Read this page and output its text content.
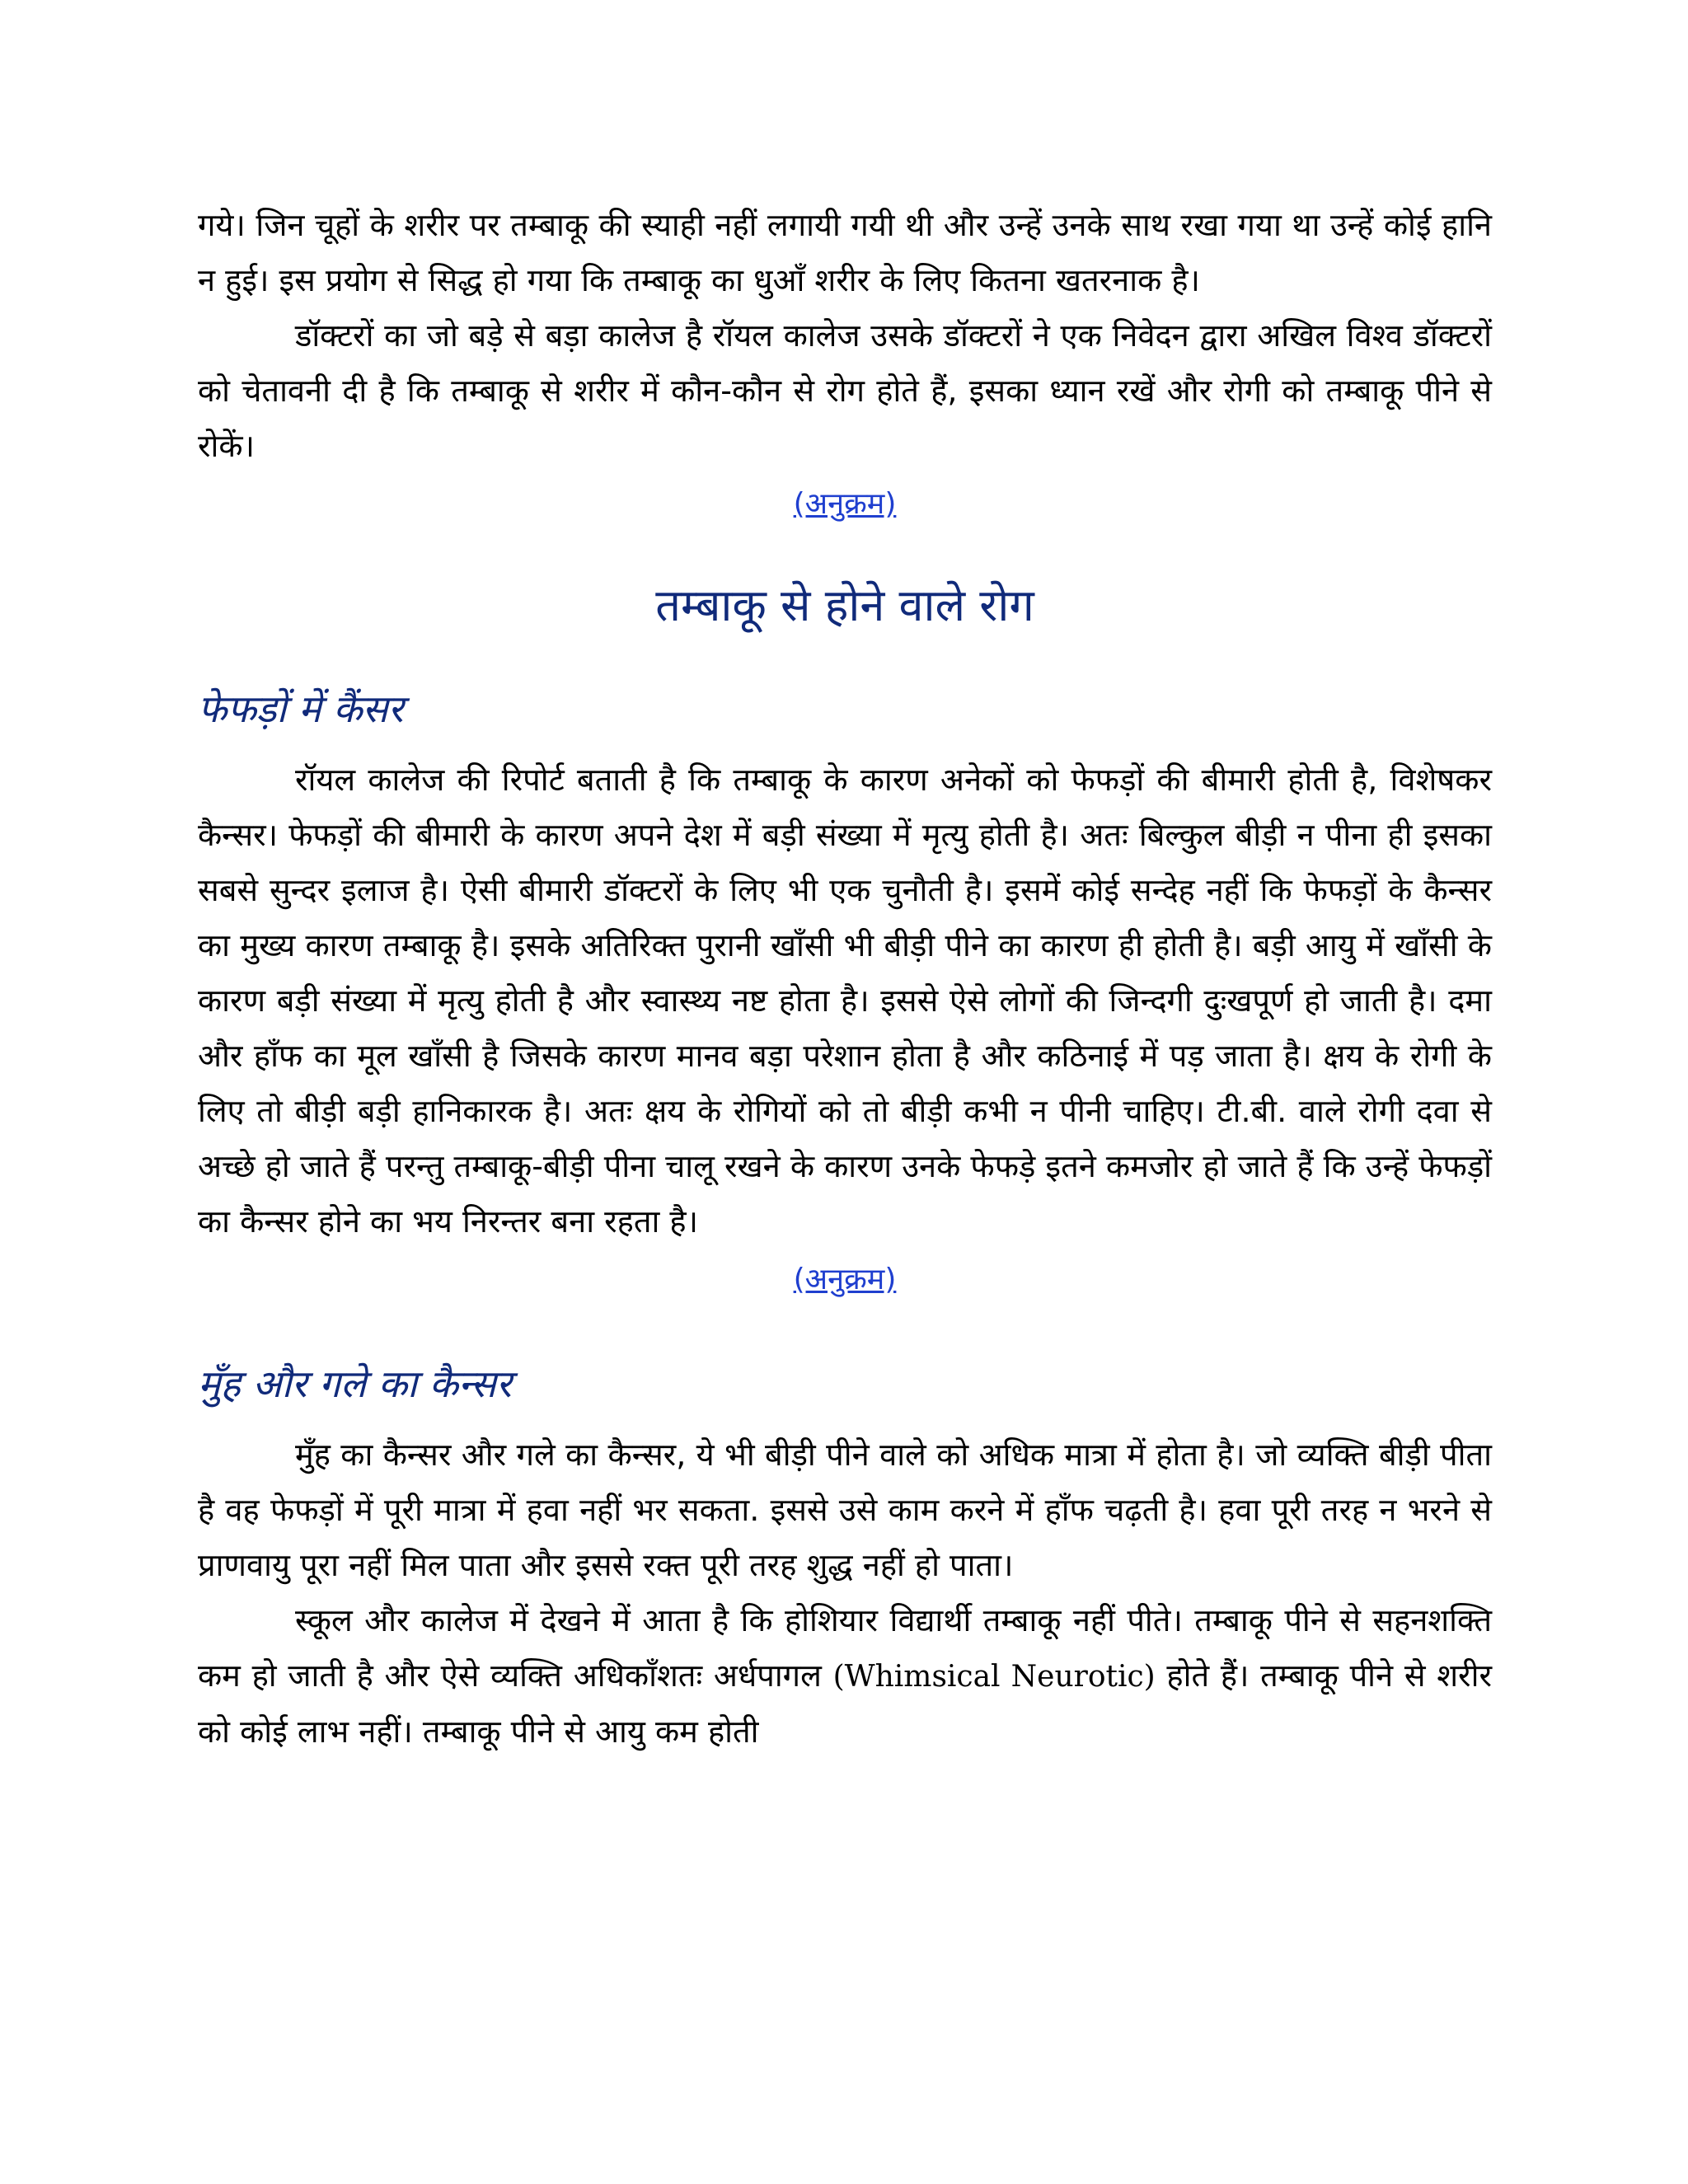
गये। जिन चूहों के शरीर पर तम्बाकू की स्याही नहीं लगायी गयी थी और उन्हें उनके साथ रखा गया था उन्हें कोई हानि न हुई। इस प्रयोग से सिद्ध हो गया कि तम्बाकू का धुआँ शरीर के लिए कितना खतरनाक है।

डॉक्टरों का जो बड़े से बड़ा कालेज है रॉयल कालेज उसके डॉक्टरों ने एक निवेदन द्वारा अखिल विश्व डॉक्टरों को चेतावनी दी है कि तम्बाकू से शरीर में कौन-कौन से रोग होते हैं, इसका ध्यान रखें और रोगी को तम्बाकू पीने से रोकें।

(अनुक्रम)
तम्बाकू से होने वाले रोग
फेफड़ों में कैंसर

रॉयल कालेज की रिपोर्ट बताती है कि तम्बाकू के कारण अनेकों को फेफड़ों की बीमारी होती है, विशेषकर कैन्सर। फेफड़ों की बीमारी के कारण अपने देश में बड़ी संख्या में मृत्यु होती है। अतः बिल्कुल बीड़ी न पीना ही इसका सबसे सुन्दर इलाज है। ऐसी बीमारी डॉक्टरों के लिए भी एक चुनौती है। इसमें कोई सन्देह नहीं कि फेफड़ों के कैन्सर का मुख्य कारण तम्बाकू है। इसके अतिरिक्त पुरानी खाँसी भी बीड़ी पीने का कारण ही होती है। बड़ी आयु में खाँसी के कारण बड़ी संख्या में मृत्यु होती है और स्वास्थ्य नष्ट होता है। इससे ऐसे लोगों की जिन्दगी दुःखपूर्ण हो जाती है। दमा और हाँफ का मूल खाँसी है जिसके कारण मानव बड़ा परेशान होता है और कठिनाई में पड़ जाता है। क्षय के रोगी के लिए तो बीड़ी बड़ी हानिकारक है। अतः क्षय के रोगियों को तो बीड़ी कभी न पीनी चाहिए। टी.बी. वाले रोगी दवा से अच्छे हो जाते हैं परन्तु तम्बाकू-बीड़ी पीना चालू रखने के कारण उनके फेफड़े इतने कमजोर हो जाते हैं कि उन्हें फेफड़ों का कैन्सर होने का भय निरन्तर बना रहता है।

(अनुक्रम)
मुँह और गले का कैन्सर

मुँह का कैन्सर और गले का कैन्सर, ये भी बीड़ी पीने वाले को अधिक मात्रा में होता है। जो व्यक्ति बीड़ी पीता है वह फेफड़ों में पूरी मात्रा में हवा नहीं भर सकता. इससे उसे काम करने में हाँफ चढ़ती है। हवा पूरी तरह न भरने से प्राणवायु पूरा नहीं मिल पाता और इससे रक्त पूरी तरह शुद्ध नहीं हो पाता।

स्कूल और कालेज में देखने में आता है कि होशियार विद्यार्थी तम्बाकू नहीं पीते। तम्बाकू पीने से सहनशक्ति कम हो जाती है और ऐसे व्यक्ति अधिकाँशतः अर्धपागल (Whimsical Neurotic) होते हैं। तम्बाकू पीने से शरीर को कोई लाभ नहीं। तम्बाकू पीने से आयु कम होती
